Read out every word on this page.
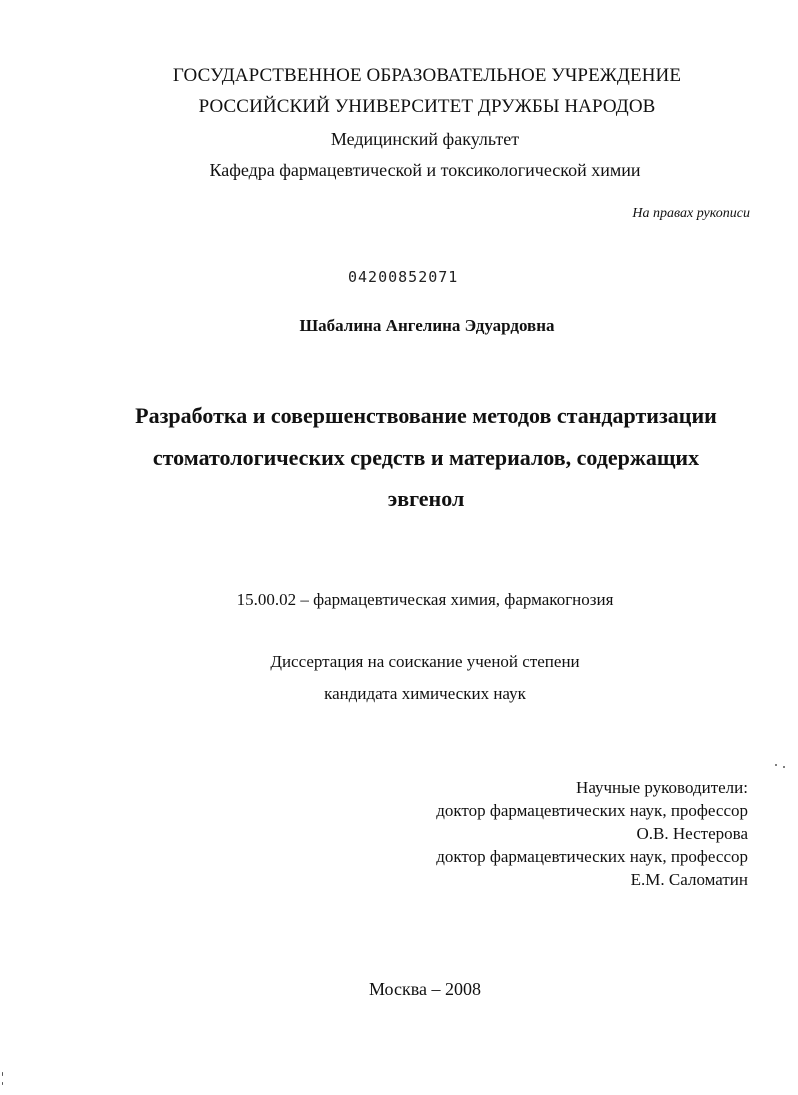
ГОСУДАРСТВЕННОЕ ОБРАЗОВАТЕЛЬНОЕ УЧРЕЖДЕНИЕ
РОССИЙСКИЙ УНИВЕРСИТЕТ ДРУЖБЫ НАРОДОВ
Медицинский факультет
Кафедра фармацевтической и токсикологической химии
На правах рукописи
04200852071
Шабалина Ангелина Эдуардовна
Разработка и совершенствование методов стандартизации
стоматологических средств и материалов, содержащих
эвгенол
15.00.02 – фармацевтическая химия, фармакогнозия
Диссертация на соискание ученой степени
кандидата химических наук
Научные руководители:
доктор фармацевтических наук, профессор
О.В. Нестерова
доктор фармацевтических наук, профессор
Е.М. Саломатин
Москва – 2008
